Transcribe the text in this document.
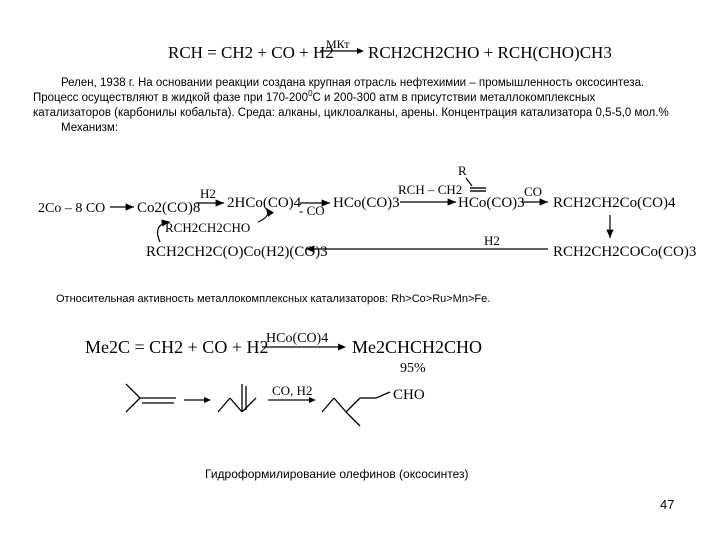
RCH = CH2 + CO + H2
МКт RCH2CH2CHO + RCH(CHO)CH3
Релен, 1938 г. На основании реакции создана крупная отрасль нефтехимии – промышленность оксосинтеза. Процесс осуществляют в жидкой фазе при $170-200^0С$ и 200-300 атм в присутствии металлокомплексных катализаторов (карбонилы кобальта). Среда: алканы, циклоалканы, арены. Концентрация катализатора 0,5-5,0 мол.%
Механизм:
2Co – 8 CO Co2(CO)8
H2
2HCo(CO)4
- CO HCo(CO)3
RCH – CH2
R
HCo(CO)3
CO
RCH2CH2Co(CO)4
RCH2CH2COCo(CO)3
H2
RCH2CH2C(O)Co(H2)(CO)3
RCH2CH2CHO
Относительная активность металлокомплексных катализаторов: Rh>Co>Ru>Mn>Fe.
Me2C = CH2 + CO + H2
HCo(CO)4 Me2CHCH2CHO
95%
CO, H2	CHO
Гидроформилирование олефинов (оксосинтез)
47
